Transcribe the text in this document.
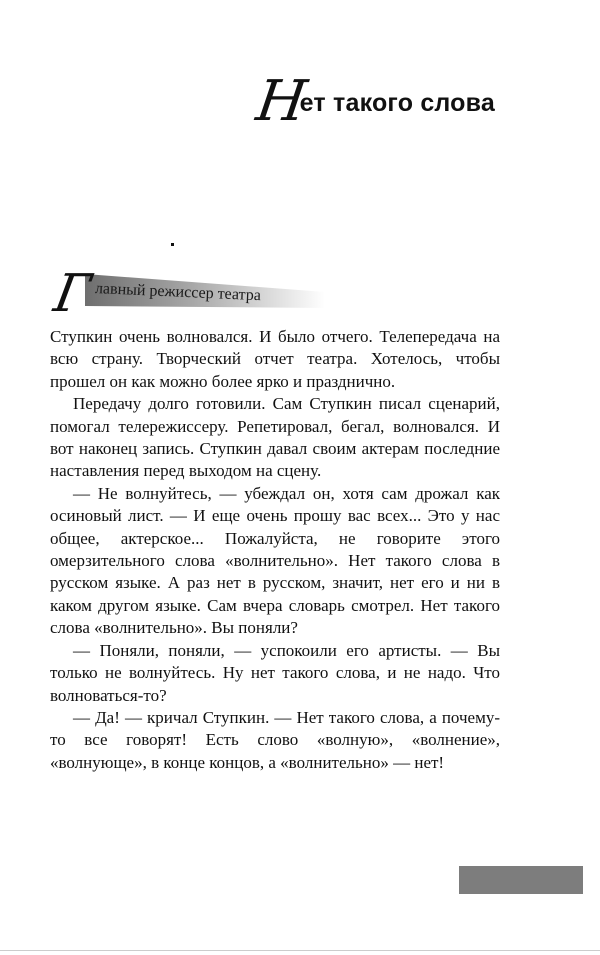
Н
ет такого слова
Г лавный режиссер театра

Ступкин очень волновался. И было отчего. Телепередача на всю страну. Творческий отчет театра. Хотелось, чтобы прошел он как можно более ярко и празднично.

Передачу долго готовили. Сам Ступкин писал сценарий, помогал телережиссеру. Репетировал, бегал, волновался. И вот наконец запись. Ступкин давал своим актерам последние наставления перед выходом на сцену.

— Не волнуйтесь, — убеждал он, хотя сам дрожал как осиновый лист. — И еще очень прошу вас всех... Это у нас общее, актерское... Пожалуйста, не говорите этого омерзительного слова «волнительно». Нет такого слова в русском языке. А раз нет в русском, значит, нет его и ни в каком другом языке. Сам вчера словарь смотрел. Нет такого слова «волнительно». Вы поняли?

— Поняли, поняли, — успокоили его артисты. — Вы только не волнуйтесь. Ну нет такого слова, и не надо. Что волноваться-то?

— Да! — кричал Ступкин. — Нет такого слова, а почему-то все говорят! Есть слово «волную», «волнение», «волнующе», в конце концов, а «волнительно» — нет!
